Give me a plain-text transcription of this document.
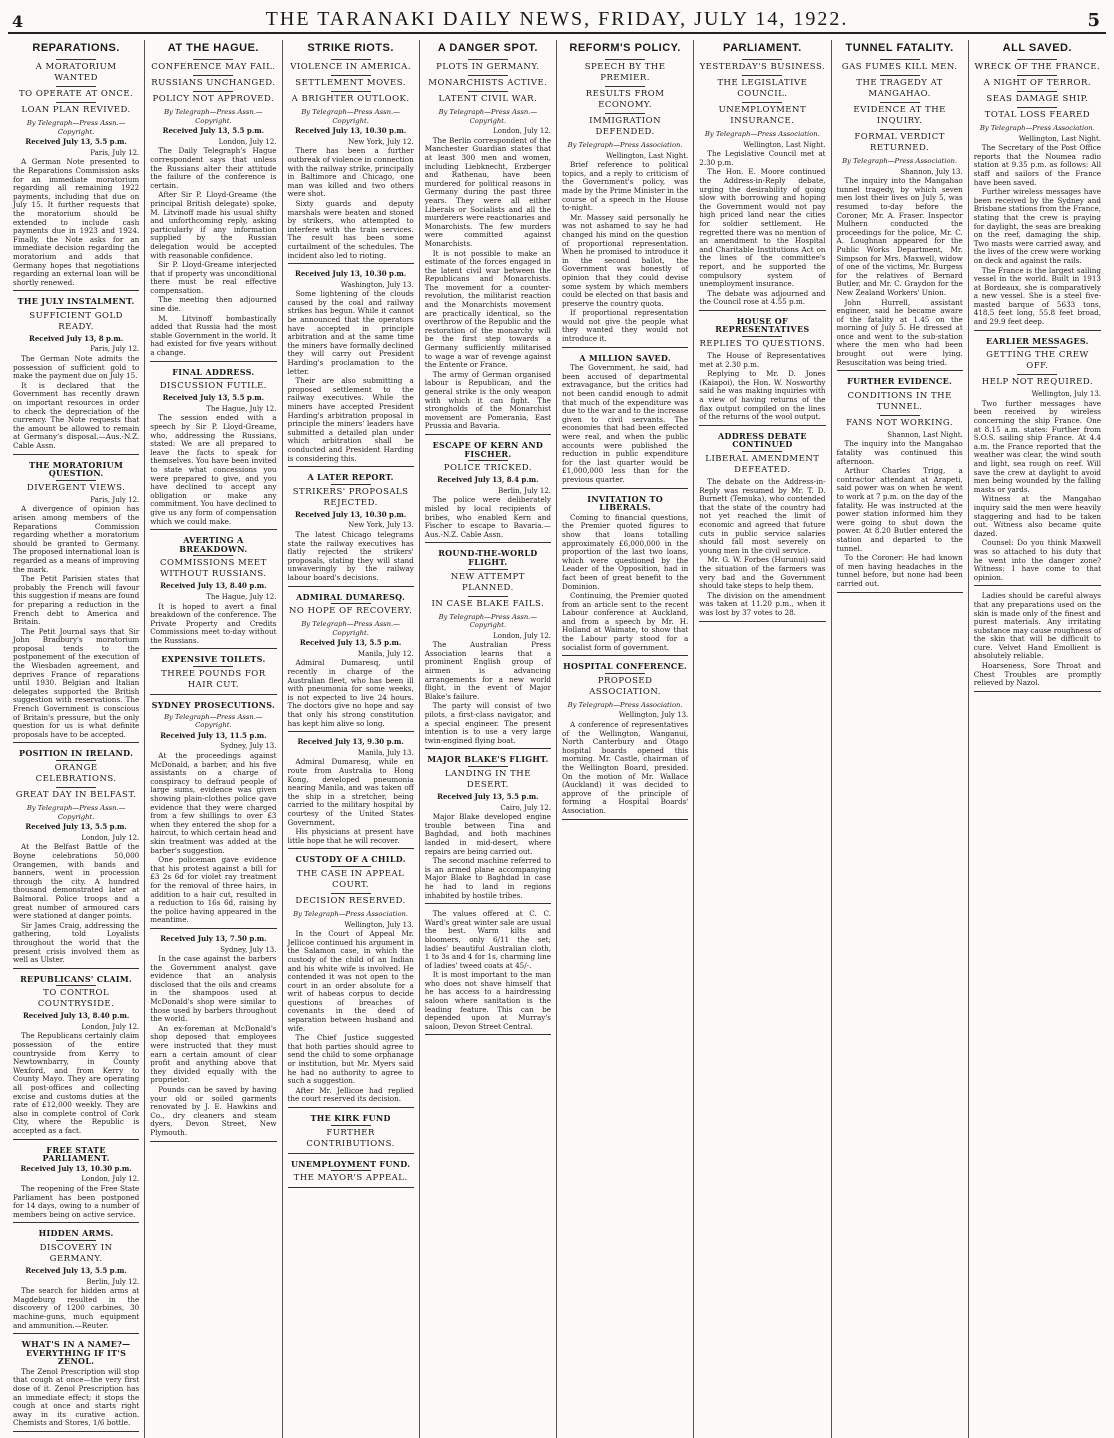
4	THE TARANAKI DAILY NEWS, FRIDAY, JULY 14, 1922.	5
REPARATIONS.
A MORATORIUM WANTED
TO OPERATE AT ONCE.
LOAN PLAN REVIVED.
By Telegraph—Press Assn.—Copyright.
Received July 13, 5.5 p.m.
Paris, July 12.
A German Note presented to the Reparations Commission asks for an immediate moratorium regarding all remaining 1922 payments, including that due on July 15. It further requests that the moratorium should be extended to include cash payments due in 1923 and 1924. Finally, the Note asks for an immediate decision regarding the moratorium and adds that Germany hopes that negotiations regarding an external loan will be shortly renewed.
THE JULY INSTALMENT.
SUFFICIENT GOLD READY.
Received July 13, 8 p.m.
Paris, July 12.
The German Note admits the possession of sufficient gold to make the payment due on July 15.
It is declared that the Government has recently drawn on important resources in order to check the depreciation of the currency. The Note requests that the amount be allowed to remain at Germany's disposal.—Aus.-N.Z. Cable Assn.
THE MORATORIUM QUESTION.
DIVERGENT VIEWS.
Paris, July 12.
A divergence of opinion has arisen among members of the Reparations Commission regarding whether a moratorium should be granted to Germany. The proposed international loan is regarded as a means of improving the mark.
The Petit Parisien states that probably the French will favour this suggestion if means are found for preparing a reduction in the French debt to America and Britain.
The Petit Journal says that Sir John Bradbury's moratorium proposal tends to the postponement of the execution of the Wiesbaden agreement, and deprives France of reparations until 1930. Belgian and Italian delegates supported the British suggestion with reservations. The French Government is conscious of Britain's pressure, but the only question for us is what definite proposals have to be accepted.
POSITION IN IRELAND.
ORANGE CELEBRATIONS.
GREAT DAY IN BELFAST.
By Telegraph—Press Assn.—Copyright.
Received July 13, 5.5 p.m.
London, July 12.
At the Belfast Battle of the Boyne celebrations 50,000 Orangemen, with bands and banners, went in procession through the city. A hundred thousand demonstrated later at Balmoral. Police troops and a great number of armoured cars were stationed at danger points.
Sir James Craig, addressing the gathering, told Loyalists throughout the world that the present crisis involved them as well as Ulster.
REPUBLICANS' CLAIM.
TO CONTROL COUNTRYSIDE.
Received July 13, 8.40 p.m.
London, July 12.
The Republicans certainly claim possession of the entire countryside from Kerry to Newtownbarry, in County Wexford, and from Kerry to County Mayo. They are operating all post-offices and collecting excise and customs duties at the rate of £12,000 weekly. They are also in complete control of Cork City, where the Republic is accepted as a fact.
FREE STATE PARLIAMENT.
Received July 13, 10.30 p.m.
London, July 12.
The reopening of the Free State Parliament has been postponed for 14 days, owing to a number of members being on active service.
HIDDEN ARMS.
DISCOVERY IN GERMANY.
Received July 13, 5.5 p.m.
Berlin, July 12.
The search for hidden arms at Magdeburg resulted in the discovery of 1200 carbines, 30 machine-guns, much equipment and ammunition.—Reuter.
WHAT'S IN A NAME?—EVERYTHING IF IT'S ZENOL.
The Zenol Prescription will stop that cough at once—the very first dose of it. Zenol Prescription has an immediate effect; it stops the cough at once and starts right away in its curative action. Chemists and Stores, 1/6 bottle.
AT THE HAGUE.
CONFERENCE MAY FAIL.
RUSSIANS UNCHANGED.
POLICY NOT APPROVED.
By Telegraph—Press Assn.—Copyright.
Received July 13, 5.5 p.m.
London, July 12.
The Daily Telegraph's Hague correspondent says that unless the Russians alter their attitude the failure of the conference is certain.
After Sir P. Lloyd-Greame (the principal British delegate) spoke, M. Litvinoff made his usual shifty and unforthcoming reply, asking particularly if any information supplied by the Russian delegation would be accepted with reasonable confidence.
Sir P. Lloyd-Greame interjected that if property was unconditional there must be real effective compensation.
The meeting then adjourned sine die.
M. Litvinoff bombastically added that Russia had the most stable Government in the world. It had existed for five years without a change.
FINAL ADDRESS.
DISCUSSION FUTILE.
Received July 13, 5.5 p.m.
The Hague, July 12.
The session ended with a speech by Sir P. Lloyd-Greame, who, addressing the Russians, stated: We are all prepared to leave the facts to speak for themselves. You have been invited to state what concessions you were prepared to give, and you have declined to accept any obligation or make any commitment. You have declined to give us any form of compensation which we could make.
AVERTING A BREAKDOWN.
COMMISSIONS MEET WITHOUT RUSSIANS.
Received July 13, 8.40 p.m.
The Hague, July 12.
It is hoped to avert a final breakdown of the conference. The Private Property and Credits Commissions meet to-day without the Russians.
EXPENSIVE TOILETS.
THREE POUNDS FOR HAIR CUT.
SYDNEY PROSECUTIONS.
By Telegraph—Press Assn.—Copyright.
Received July 13, 11.5 p.m.
Sydney, July 13.
At the proceedings against McDonald, a barber, and his five assistants on a charge of conspiracy to defraud people of large sums, evidence was given showing plain-clothes police gave evidence that they were charged from a few shillings to over £3 when they entered the shop for a haircut, to which certain head and skin treatment was added at the barber's suggestion.
One policeman gave evidence that his protest against a bill for £3 2s 6d for violet ray treatment for the removal of three hairs, in addition to a hair cut, resulted in a reduction to 16s 6d, raising by the police having appeared in the meantime.
Received July 13, 7.50 p.m.
Sydney, July 13.
In the case against the barbers the Government analyst gave evidence that an analysis disclosed that the oils and creams in the shampoos used at McDonald's shop were similar to those used by barbers throughout the world.
An ex-foreman at McDonald's shop deposed that employees were instructed that they must earn a certain amount of clear profit and anything above that they divided equally with the proprietor.
Pounds can be saved by having your old or soiled garments renovated by J. E. Hawkins and Co., dry cleaners and steam dyers, Devon Street, New Plymouth.
STRIKE RIOTS.
VIOLENCE IN AMERICA.
SETTLEMENT MOVES.
A BRIGHTER OUTLOOK.
By Telegraph—Press Assn.—Copyright.
Received July 13, 10.30 p.m.
New York, July 12.
There has been a further outbreak of violence in connection with the railway strike, principally in Baltimore and Chicago, one man was killed and two others were shot.
Sixty guards and deputy marshals were beaten and stoned by strikers, who attempted to interfere with the train services. The result has been some curtailment of the schedules. The incident also led to rioting.
Received July 13, 10.30 p.m.
Washington, July 13.
Some lightening of the clouds caused by the coal and railway strikes has begun. While it cannot be announced that the operators have accepted in principle arbitration and at the same time the miners have formally declined they will carry out President Harding's proclamation to the letter.
Their are also submitting a proposed settlement to the railway executives. While the miners have accepted President Harding's arbitration proposal in principle the miners' leaders have submitted a detailed plan under which arbitration shall be conducted and President Harding is considering this.
A LATER REPORT.
STRIKERS' PROPOSALS REJECTED.
Received July 13, 10.30 p.m.
New York, July 13.
The latest Chicago telegrams state the railway executives has flatly rejected the strikers' proposals, stating they will stand unwaveringly by the railway labour board's decisions.
ADMIRAL DUMARESQ.
NO HOPE OF RECOVERY.
By Telegraph—Press Assn.—Copyright.
Received July 13, 5.5 p.m.
Manila, July 12.
Admiral Dumaresq, until recently in charge of the Australian fleet, who has been ill with pneumonia for some weeks, is not expected to live 24 hours. The doctors give no hope and say that only his strong constitution has kept him alive so long.
Received July 13, 9.30 p.m.
Manila, July 13.
Admiral Dumaresq, while en route from Australia to Hong Kong, developed pneumonia nearing Manila, and was taken off the ship in a stretcher, being carried to the military hospital by courtesy of the United States Government.
His physicians at present have little hope that he will recover.
CUSTODY OF A CHILD.
THE CASE IN APPEAL COURT.
DECISION RESERVED.
By Telegraph—Press Association.
Wellington, July 13.
In the Court of Appeal Mr. Jellicoe continued his argument in the Salamon case, in which the custody of the child of an Indian and his white wife is involved. He contended it was not open to the court in an order absolute for a writ of habeas corpus to decide questions of breaches of covenants in the deed of separation between husband and wife.
The Chief Justice suggested that both parties should agree to send the child to some orphanage or institution, but Mr. Myers said he had no authority to agree to such a suggestion.
After Mr. Jellicoe had replied the court reserved its decision.
THE KIRK FUND
FURTHER CONTRIBUTIONS.
UNEMPLOYMENT FUND.
THE MAYOR'S APPEAL.
A DANGER SPOT.
PLOTS IN GERMANY.
MONARCHISTS ACTIVE.
LATENT CIVIL WAR.
By Telegraph—Press Assn.—Copyright.
London, July 12.
The Berlin correspondent of the Manchester Guardian states that at least 300 men and women, including Liebknecht, Erzberger and Rathenau, have been murdered for political reasons in Germany during the past three years. They were all either Liberals or Socialists and all the murderers were reactionaries and Monarchists. The few murders were committed against Monarchists.
It is not possible to make an estimate of the forces engaged in the latent civil war between the Republicans and Monarchists. The movement for a counter-revolution, the militarist reaction and the Monarchists movement are practically identical, so the overthrow of the Republic and the restoration of the monarchy will be the first step towards a Germany sufficiently militarised to wage a war of revenge against the Entente or France.
The army of German organised labour is Republican, and the general strike is the only weapon with which it can fight. The strongholds of the Monarchist movement are Pomerania, East Prussia and Bavaria.
ESCAPE OF KERN AND FISCHER.
POLICE TRICKED.
Received July 13, 8.4 p.m.
Berlin, July 12.
The police were deliberately misled by local recipients of bribes, who enabled Kern and Fischer to escape to Bavaria.—Aus.-N.Z. Cable Assn.
ROUND-THE-WORLD FLIGHT.
NEW ATTEMPT PLANNED.
IN CASE BLAKE FAILS.
By Telegraph—Press Assn.—Copyright.
London, July 12.
The Australian Press Association learns that a prominent English group of airmen is advancing arrangements for a new world flight, in the event of Major Blake's failure.
The party will consist of two pilots, a first-class navigator, and a special engineer. The present intention is to use a very large twin-engined flying boat.
MAJOR BLAKE'S FLIGHT.
LANDING IN THE DESERT.
Received July 13, 5.5 p.m.
Cairo, July 12.
Major Blake developed engine trouble between Tina and Baghdad, and both machines landed in mid-desert, where repairs are being carried out.
The second machine referred to is an armed plane accompanying Major Blake to Baghdad in case he had to land in regions inhabited by hostile tribes.
The values offered at C. C. Ward's great winter sale are usual the best. Warm kilts and bloomers, only 6/11 the set; ladies' beautiful Australian cloth, 1 to 3s and 4 for 1s, charming line of ladies' tweed coats at 45/-.
It is most important to the man who does not shave himself that he has access to a hairdressing saloon where sanitation is the leading feature. This can be depended upon at Murray's saloon, Devon Street Central.
REFORM'S POLICY.
SPEECH BY THE PREMIER.
RESULTS FROM ECONOMY.
IMMIGRATION DEFENDED.
By Telegraph—Press Association.
Wellington, Last Night.
Brief reference to political topics, and a reply to criticism of the Government's policy, was made by the Prime Minister in the course of a speech in the House to-night.
Mr. Massey said personally he was not ashamed to say he had changed his mind on the question of proportional representation. When he promised to introduce it in the second ballot, the Government was honestly of opinion that they could devise some system by which members could be elected on that basis and preserve the country quota.
If proportional representation would not give the people what they wanted they would not introduce it.
A MILLION SAVED.
The Government, he said, had been accused of departmental extravagance, but the critics had not been candid enough to admit that much of the expenditure was due to the war and to the increase given to civil servants. The economies that had been effected were real, and when the public accounts were published the reduction in public expenditure for the last quarter would be £1,000,000 less than for the previous quarter.
INVITATION TO LIBERALS.
Coming to financial questions, the Premier quoted figures to show that loans totalling approximately £6,000,000 in the proportion of the last two loans, which were questioned by the Leader of the Opposition, had in fact been of great benefit to the Dominion.
Continuing, the Premier quoted from an article sent to the recent Labour conference at Auckland, and from a speech by Mr. H. Holland at Waimate, to show that the Labour party stood for a socialist form of government.
HOSPITAL CONFERENCE.
PROPOSED ASSOCIATION.
By Telegraph—Press Association.
Wellington, July 13.
A conference of representatives of the Wellington, Wanganui, North Canterbury and Otago hospital boards opened this morning. Mr. Castle, chairman of the Wellington Board, presided. On the motion of Mr. Wallace (Auckland) it was decided to approve of the principle of forming a Hospital Boards' Association.
PARLIAMENT.
YESTERDAY'S BUSINESS.
THE LEGISLATIVE COUNCIL.
UNEMPLOYMENT INSURANCE.
By Telegraph—Press Association.
Wellington, Last Night.
The Legislative Council met at 2.30 p.m.
The Hon. E. Moore continued the Address-in-Reply debate, urging the desirability of going slow with borrowing and hoping the Government would not pay high priced land near the cities for soldier settlement. He regretted there was no mention of an amendment to the Hospital and Charitable Institutions Act on the lines of the committee's report, and he supported the compulsory system of unemployment insurance.
The debate was adjourned and the Council rose at 4.55 p.m.
HOUSE OF REPRESENTATIVES
REPLIES TO QUESTIONS.
The House of Representatives met at 2.30 p.m.
Replying to Mr. D. Jones (Kaiapoi), the Hon. W. Nosworthy said he was making inquiries with a view of having returns of the flax output compiled on the lines of the returns of the wool output.
ADDRESS DEBATE CONTINUED
LIBERAL AMENDMENT DEFEATED.
The debate on the Address-in-Reply was resumed by Mr. T. D. Burnett (Temuka), who contended that the state of the country had not yet reached the limit of economic and agreed that future cuts in public service salaries should fall most severely on young men in the civil service.
Mr. G. W. Forbes (Hurunui) said the situation of the farmers was very bad and the Government should take steps to help them.
The division on the amendment was taken at 11.20 p.m., when it was lost by 37 votes to 28.
TUNNEL FATALITY.
GAS FUMES KILL MEN.
THE TRAGEDY AT MANGAHAO.
EVIDENCE AT THE INQUIRY.
FORMAL VERDICT RETURNED.
By Telegraph—Press Association.
Shannon, July 13.
The inquiry into the Mangahao tunnel tragedy, by which seven men lost their lives on July 5, was resumed to-day before the Coroner, Mr. A. Fraser. Inspector Mulhern conducted the proceedings for the police, Mr. C. A. Loughnan appeared for the Public Works Department, Mr. Simpson for Mrs. Maxwell, widow of one of the victims, Mr. Burgess for the relatives of Bernard Butler, and Mr. C. Graydon for the New Zealand Workers' Union.
John Hurrell, assistant engineer, said he became aware of the fatality at 1.45 on the morning of July 5. He dressed at once and went to the sub-station where the men who had been brought out were lying. Resuscitation was being tried.
FURTHER EVIDENCE.
CONDITIONS IN THE TUNNEL.
FANS NOT WORKING.
Shannon, Last Night.
The inquiry into the Mangahao fatality was continued this afternoon.
Arthur Charles Trigg, a contractor attendant at Arapeti, said power was on when he went to work at 7 p.m. on the day of the fatality. He was instructed at the power station informed him they were going to shut down the power. At 8.20 Butler entered the station and departed to the tunnel.
To the Coroner: He had known of men having headaches in the tunnel before, but none had been carried out.
ALL SAVED.
WRECK OF THE FRANCE.
A NIGHT OF TERROR.
SEAS DAMAGE SHIP.
TOTAL LOSS FEARED
By Telegraph—Press Association.
Wellington, Last Night.
The Secretary of the Post Office reports that the Noumea radio station at 9.35 p.m. as follows: All staff and sailors of the France have been saved.
Further wireless messages have been received by the Sydney and Brisbane stations from the France, stating that the crew is praying for daylight, the seas are breaking on the reef, damaging the ship. Two masts were carried away, and the lives of the crew were working on deck and against the rails.
The France is the largest sailing vessel in the world. Built in 1913 at Bordeaux, she is comparatively a new vessel. She is a steel five-masted barque of 5633 tons, 418.5 feet long, 55.8 feet broad, and 29.9 feet deep.
EARLIER MESSAGES.
GETTING THE CREW OFF.
HELP NOT REQUIRED.
Wellington, July 13.
Two further messages have been received by wireless concerning the ship France. One at 8.15 a.m. states: Further from S.O.S. sailing ship France. At 4.4 a.m. the France reported that the weather was clear, the wind south and light, sea rough on reef. Will save the crew at daylight to avoid men being wounded by the falling masts or yards.
Witness at the Mangahao inquiry said the men were heavily staggering and had to be taken out. Witness also became quite dazed.
Counsel: Do you think Maxwell was so attached to his duty that he went into the danger zone? Witness: I have come to that opinion.
Ladies should be careful always that any preparations used on the skin is made only of the finest and purest materials. Any irritating substance may cause roughness of the skin that will be difficult to cure. Velvet Hand Emollient is absolutely reliable.
Hoarseness, Sore Throat and Chest Troubles are promptly relieved by Nazol.
